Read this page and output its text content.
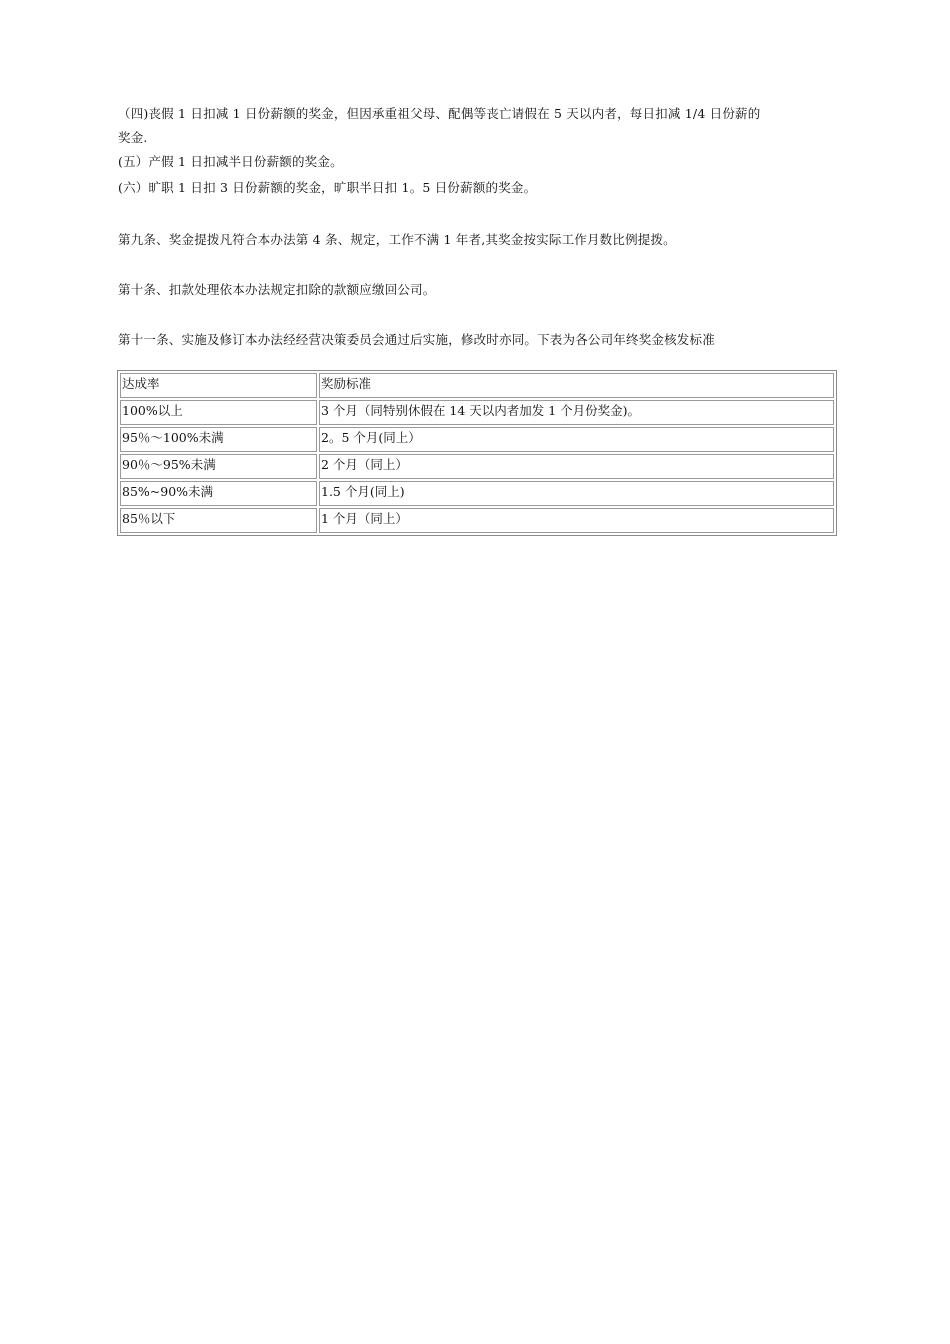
（四)丧假 1 日扣减 1 日份薪额的奖金，但因承重祖父母、配偶等丧亡请假在 5 天以内者，每日扣减 1/4 日份薪的
奖金.
(五）产假 1 日扣减半日份薪额的奖金。
(六）旷职 1 日扣 3 日份薪额的奖金，旷职半日扣 1。5 日份薪额的奖金。
第九条、奖金提拨凡符合本办法第 4 条、规定，工作不满 1 年者,其奖金按实际工作月数比例提拨。
第十条、扣款处理依本办法规定扣除的款额应缴回公司。
第十一条、实施及修订本办法经经营决策委员会通过后实施，修改时亦同。下表为各公司年终奖金核发标准
达成率	奖励标准
100%以上	3 个月（同特别休假在 14 天以内者加发 1 个月份奖金)。
95％～100%未满	2。5 个月(同上）
90％～95%未满	2 个月（同上）
85%~90%未满	1.5 个月(同上)
85％以下	1 个月（同上）
